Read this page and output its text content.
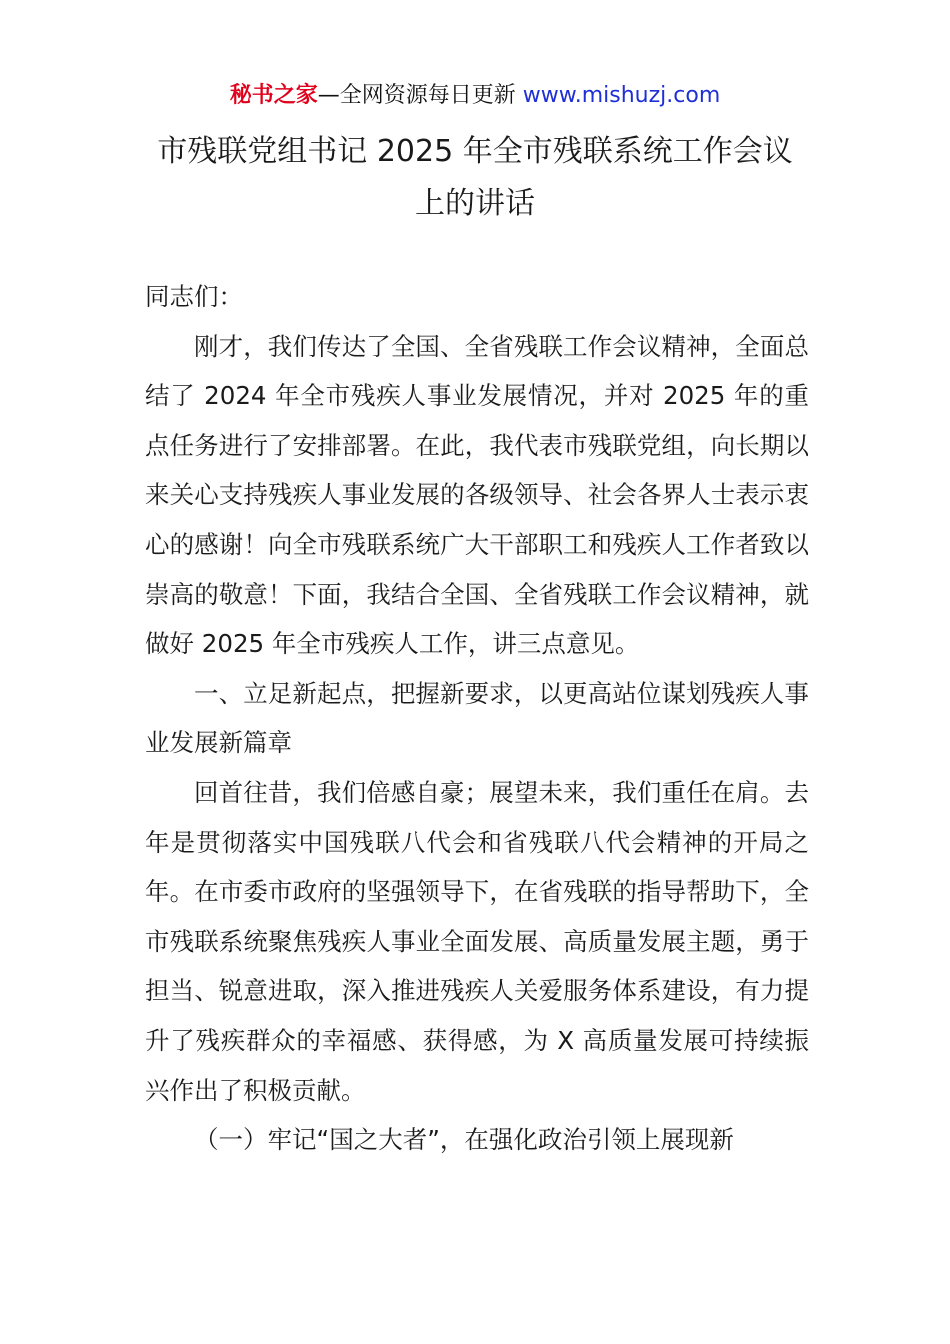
秘书之家—全网资源每日更新 www.mishuzj.com
市残联党组书记 2025 年全市残联系统工作会议
上的讲话

同志们：

刚才，我们传达了全国、全省残联工作会议精神，全面总结了 2024 年全市残疾人事业发展情况，并对 2025 年的重点任务进行了安排部署。在此，我代表市残联党组，向长期以来关心支持残疾人事业发展的各级领导、社会各界人士表示衷心的感谢！向全市残联系统广大干部职工和残疾人工作者致以崇高的敬意！下面，我结合全国、全省残联工作会议精神，就做好 2025 年全市残疾人工作，讲三点意见。

一、立足新起点，把握新要求，以更高站位谋划残疾人事业发展新篇章

回首往昔，我们倍感自豪；展望未来，我们重任在肩。去年是贯彻落实中国残联八代会和省残联八代会精神的开局之年。在市委市政府的坚强领导下，在省残联的指导帮助下，全市残联系统聚焦残疾人事业全面发展、高质量发展主题，勇于担当、锐意进取，深入推进残疾人关爱服务体系建设，有力提升了残疾群众的幸福感、获得感，为 X 高质量发展可持续振兴作出了积极贡献。

（一）牢记“国之大者”，在强化政治引领上展现新
